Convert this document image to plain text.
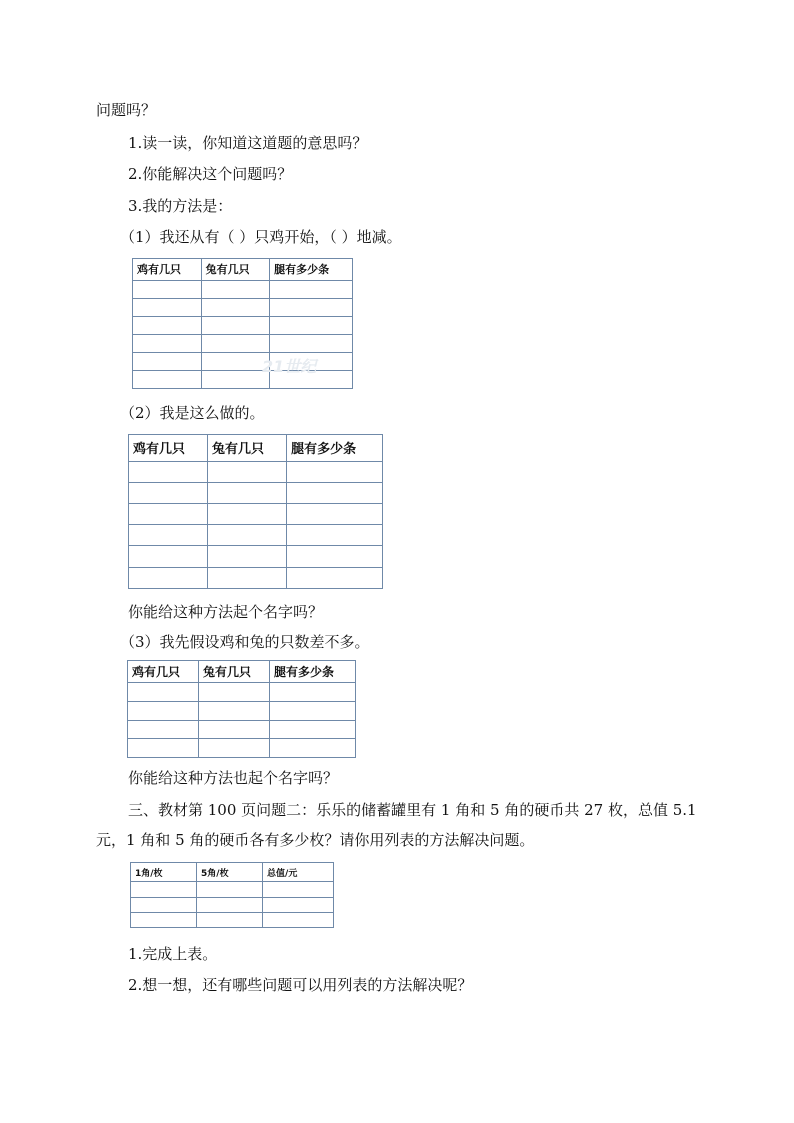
问题吗？
1.读一读，你知道这道题的意思吗？
2.你能解决这个问题吗？
3.我的方法是：
（1）我还从有（ ）只鸡开始，（ ）地减。
鸡有几只	兔有几只	腿有多少条

21世纪
（2）我是这么做的。
鸡有几只	兔有几只	腿有多少条

你能给这种方法起个名字吗？
（3）我先假设鸡和兔的只数差不多。
鸡有几只	兔有几只	腿有多少条

你能给这种方法也起个名字吗？
三、教材第 100 页问题二：乐乐的储蓄罐里有 1 角和 5 角的硬币共 27 枚，总值 5.1
元，1 角和 5 角的硬币各有多少枚？请你用列表的方法解决问题。
1角/枚	5角/枚	总值/元

1.完成上表。
2.想一想，还有哪些问题可以用列表的方法解决呢？
